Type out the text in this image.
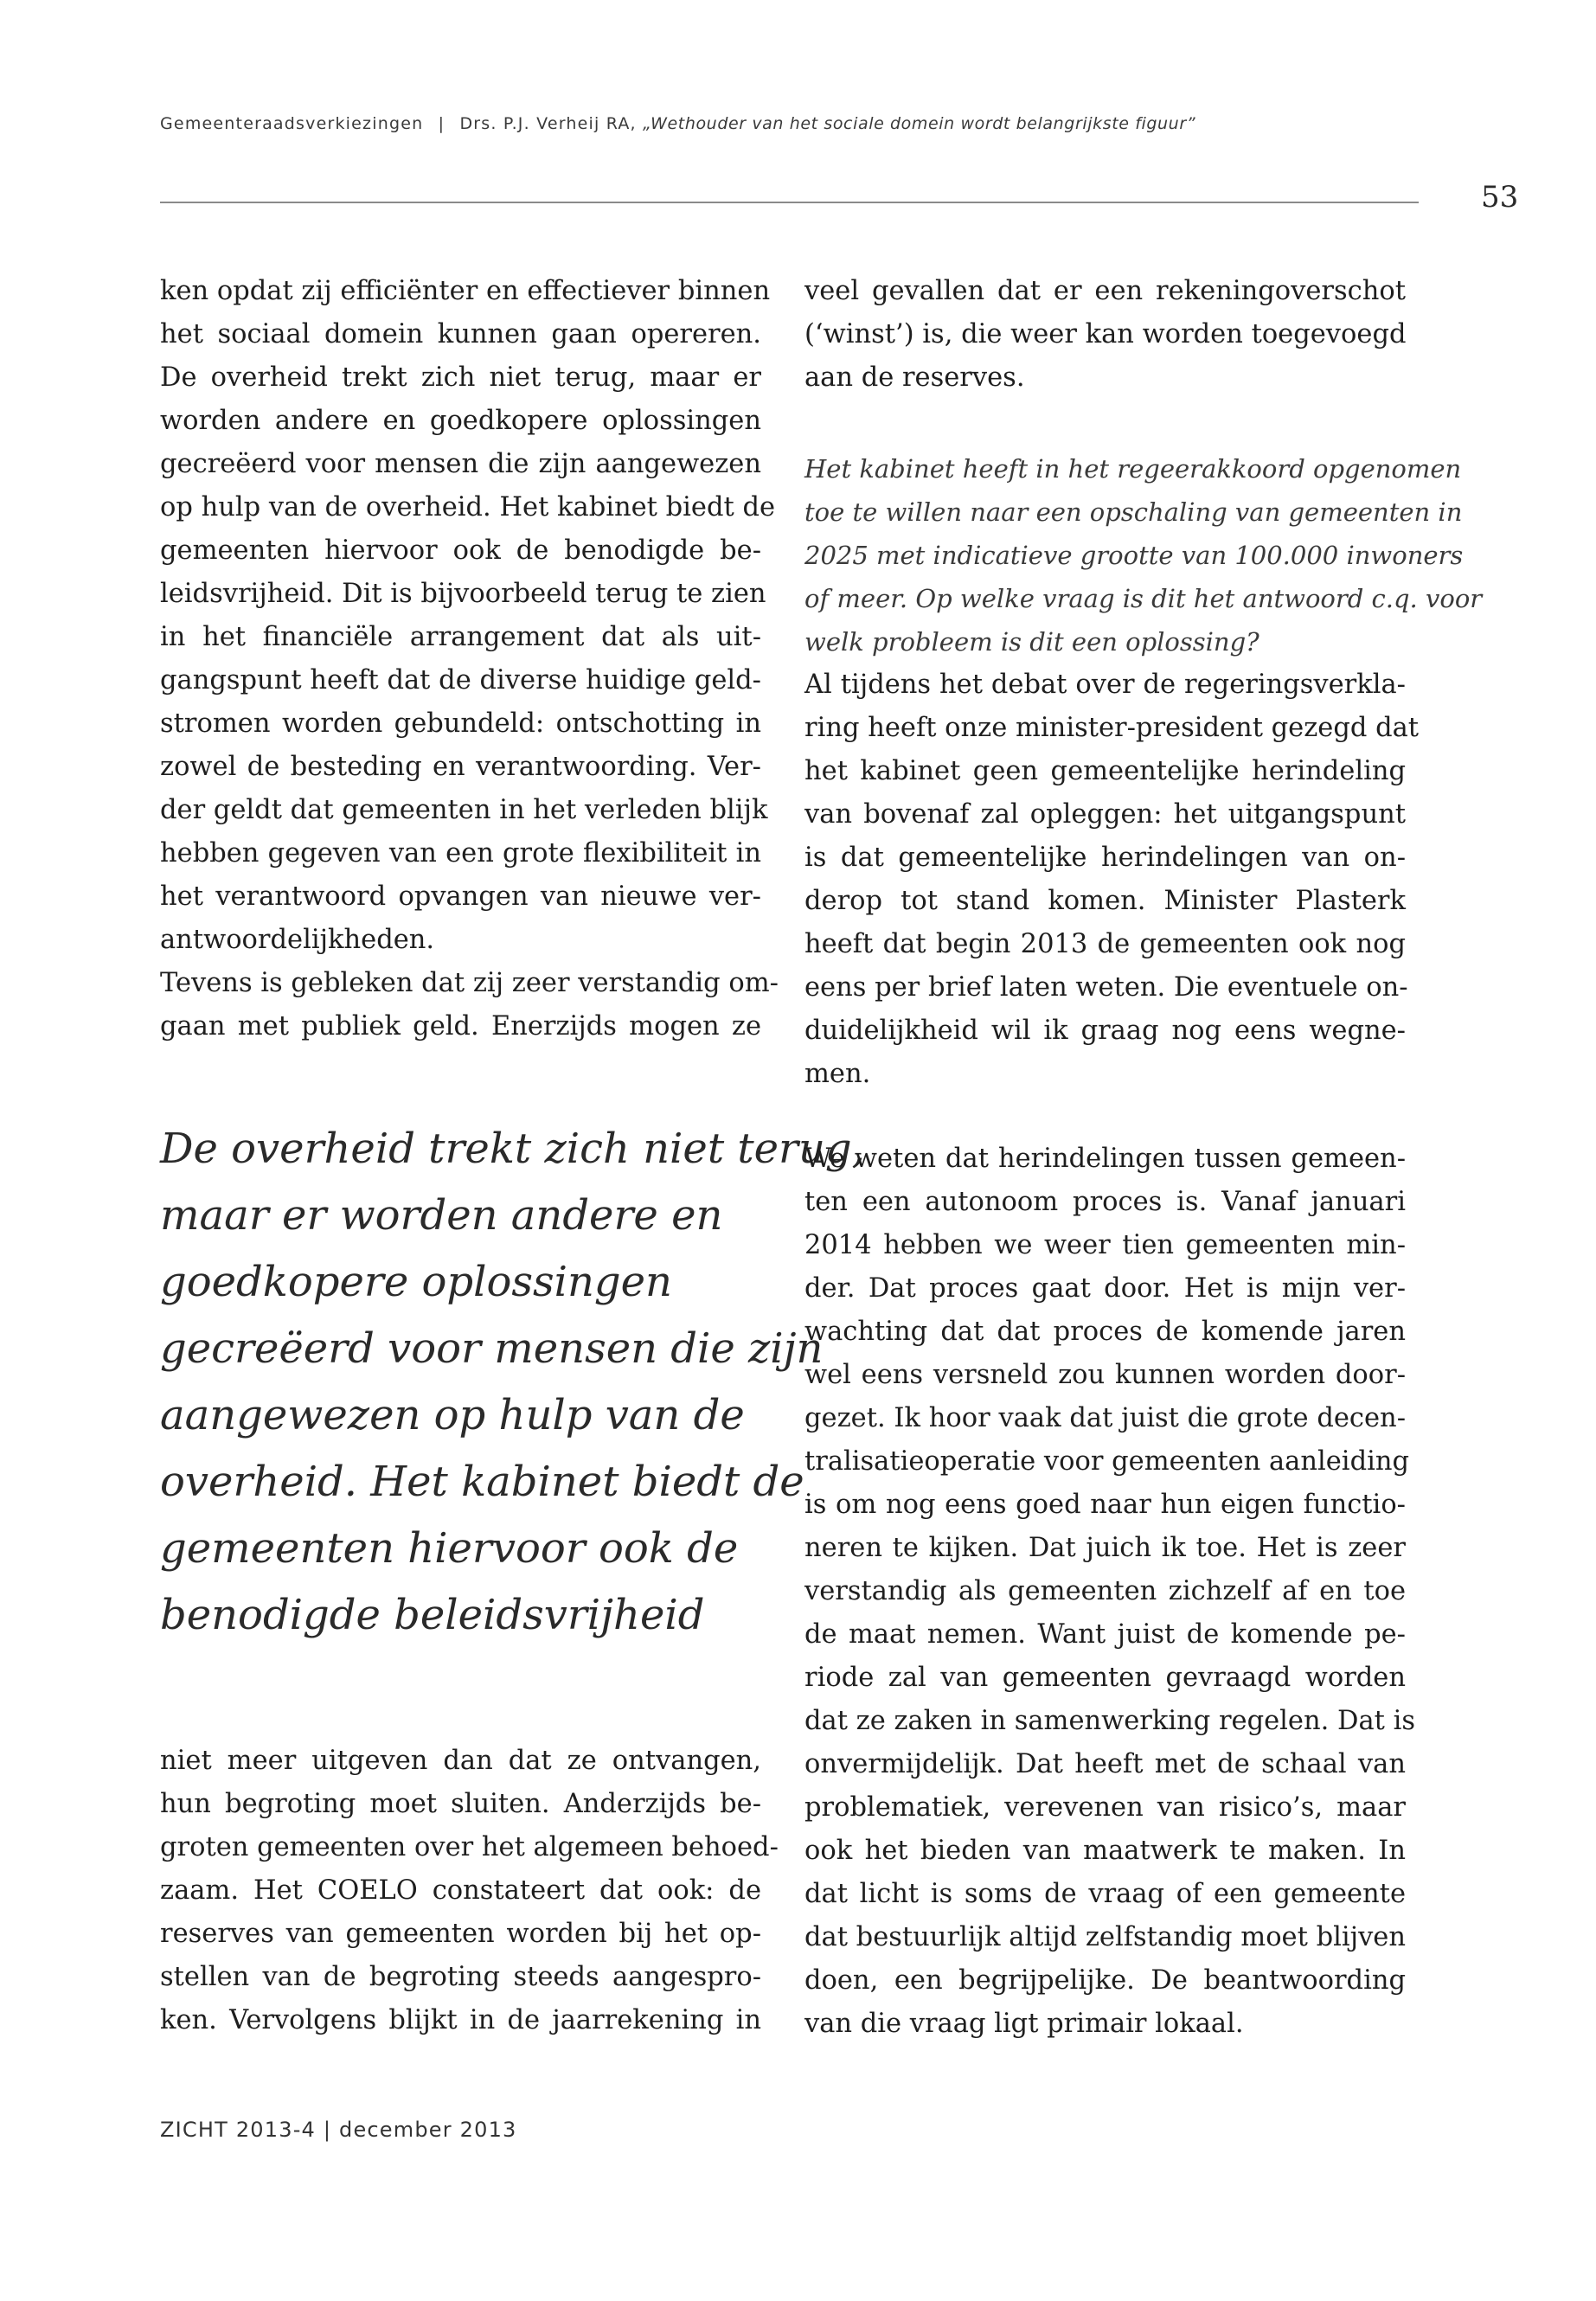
Gemeenteraadsverkiezingen | Drs. P.J. Verheij RA, „Wethouder van het sociale domein wordt belangrijkste figuur”
53
ken opdat zij efficiënter en effectiever binnen
het sociaal domein kunnen gaan opereren.
De overheid trekt zich niet terug, maar er
worden andere en goedkopere oplossingen
gecreëerd voor mensen die zijn aangewezen
op hulp van de overheid. Het kabinet biedt de
gemeenten hiervoor ook de benodigde be-
leidsvrijheid. Dit is bijvoorbeeld terug te zien
in het financiële arrangement dat als uit-
gangspunt heeft dat de diverse huidige geld-
stromen worden gebundeld: ontschotting in
zowel de besteding en verantwoording. Ver-
der geldt dat gemeenten in het verleden blijk
hebben gegeven van een grote flexibiliteit in
het verantwoord opvangen van nieuwe ver-
antwoordelijkheden.
Tevens is gebleken dat zij zeer verstandig om-
gaan met publiek geld. Enerzijds mogen ze
De overheid trekt zich niet terug,
maar er worden andere en
goedkopere oplossingen
gecreëerd voor mensen die zijn
aangewezen op hulp van de
overheid. Het kabinet biedt de
gemeenten hiervoor ook de
benodigde beleidsvrijheid
niet meer uitgeven dan dat ze ontvangen,
hun begroting moet sluiten. Anderzijds be-
groten gemeenten over het algemeen behoed-
zaam. Het COELO constateert dat ook: de
reserves van gemeenten worden bij het op-
stellen van de begroting steeds aangespro-
ken. Vervolgens blijkt in de jaarrekening in
veel gevallen dat er een rekeningoverschot
(‘winst’) is, die weer kan worden toegevoegd
aan de reserves.
Het kabinet heeft in het regeerakkoord opgenomen
toe te willen naar een opschaling van gemeenten in
2025 met indicatieve grootte van 100.000 inwoners
of meer. Op welke vraag is dit het antwoord c.q. voor
welk probleem is dit een oplossing?
Al tijdens het debat over de regeringsverkla-
ring heeft onze minister-president gezegd dat
het kabinet geen gemeentelijke herindeling
van bovenaf zal opleggen: het uitgangspunt
is dat gemeentelijke herindelingen van on-
derop tot stand komen. Minister Plasterk
heeft dat begin 2013 de gemeenten ook nog
eens per brief laten weten. Die eventuele on-
duidelijkheid wil ik graag nog eens wegne-
men.
We weten dat herindelingen tussen gemeen-
ten een autonoom proces is. Vanaf januari
2014 hebben we weer tien gemeenten min-
der. Dat proces gaat door. Het is mijn ver-
wachting dat dat proces de komende jaren
wel eens versneld zou kunnen worden door-
gezet. Ik hoor vaak dat juist die grote decen-
tralisatieoperatie voor gemeenten aanleiding
is om nog eens goed naar hun eigen functio-
neren te kijken. Dat juich ik toe. Het is zeer
verstandig als gemeenten zichzelf af en toe
de maat nemen. Want juist de komende pe-
riode zal van gemeenten gevraagd worden
dat ze zaken in samenwerking regelen. Dat is
onvermijdelijk. Dat heeft met de schaal van
problematiek, verevenen van risico’s, maar
ook het bieden van maatwerk te maken. In
dat licht is soms de vraag of een gemeente
dat bestuurlijk altijd zelfstandig moet blijven
doen, een begrijpelijke. De beantwoording
van die vraag ligt primair lokaal.
ZICHT 2013-4 | december 2013
